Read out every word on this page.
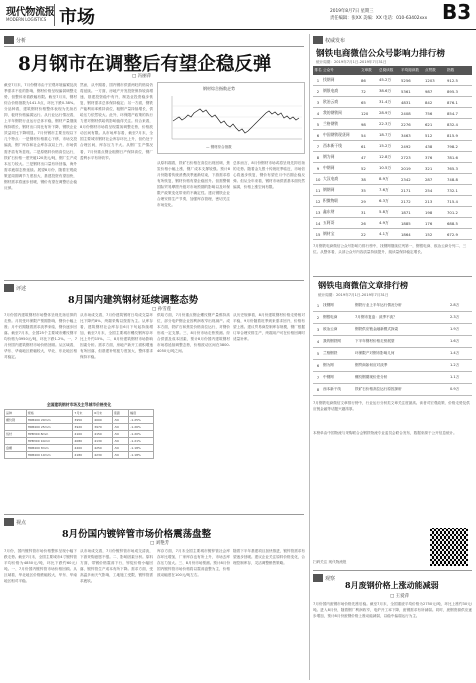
现代物流报
MODERN LOGISTICS 市场	2019年8月7日 星期三
责任编辑：张XX 美编：XX 电话：010-63402xxx B3
分析
8月钢市在调整后有望企稳反弹
□ 冯丽萍
截至7月末，7月份钢市由于宏观环境偏紧及淡季需求不佳的影响，钢材价格呈现偏弱调整走势，但整体来看跌幅有限。截至7月末，钢材综合价格指数为141.5点，环比下跌0.38%。分品种看，建筑钢材价格整体表现为先扬后抑，板材价格偏弱运行。从行业运行情况看，上半年钢铁行业运行总体平稳，钢材产量继续保持增长，钢材出口同比有所下降，钢铁企业效益同比下降明显。7月份钢市主要呈现以下几个特点：一是钢材价格重心下移，市场交投偏淡，钢厂库存和社会库存双双上升，市场供需矛盾有所显现。二是原燃料价格高位运行，铁矿石价格一度突破120美元/吨，钢厂生产成本压力较大。三是钢材出口量有所回落，海外需求疲弱态势延续。展望8月份，随着宏观政策逆周期调节力度加大，基建投资有望加快，钢材需求将逐步回暖，钢价有望在调整后企稳反弹。
然而，从中期看，国内钢市供需两旺的格局仍将延续。一方面，房地产开发投资保持较高增速，基建投资稳中有升，制造业投资稳步恢复，钢材需求总体保持稳定；另一方面，钢铁产能利用率维持高位，粗钢产量持续增长，供给压力依然较大。此外，环保限产政策的执行力度对钢材供给的影响值得关注。综合来看，8月份钢材市场将呈现震荡调整走势，价格波动区间有限。从市场库存看，截至7月末，全国主要城市钢材社会库存环比上升，但仍处于合理区间，库存压力不大。从钢厂生产情况看，7月份重点钢企粗钢日产保持高位，钢厂盈利水平有所收窄。
钢材综合指数走势
— 钢材综合指数
从原料端看，铁矿石价格在高位出现回调，焦炭价格小幅上涨，钢厂成本支撑较强。预计8月份随着传统消费淡季逐渐结束，下游需求将有所恢复，钢材价格有望企稳回升。但需警惕国际贸易摩擦升级对市场预期的影响以及环保限产政策变化带来的不确定性。建议钢铁企业合理安排生产节奏，加强库存管理，密切关注市场变化。
总体而言，8月份钢材市场或将呈现先抑后扬的走势。随着金九银十传统旺季临近，市场信心将逐步恢复，钢价有望在月中后期企稳反弹。但从全年来看，钢材市场供需基本面仍然偏弱，价格上涨空间有限。
评述
8月国内建筑钢材延续调整态势
□ 孙雪莲
7月份国内建筑钢材市场整体呈现先扬后抑的走势。月初受环保限产预期影响，钢价小幅上涨；月中后期随着需求淡季来临，钢价逐步回落。截至7月末，全国25个主要城市螺纹钢平均价格为3950元/吨，环比下跌1.2%。一、7月份国内建筑钢材市场价格回顾。从区域看，华东、华南地区跌幅较大，华北、东北地区相对稳定。
从市场成交看，7月份建筑钢材日均成交量环比下降约8%，终端采购以按需为主。从库存看，建筑钢材社会库存自6月下旬起持续增加，截至7月末，全国主要城市螺纹钢库存环比上升约15%。二、8月份建筑钢材市场影响因素分析。需求方面，房地产新开工面积增速有所回落，但基建补短板力度加大，整体需求保持平稳。
供给方面，7月份重点钢企螺纹钢产量维持高位，部分电炉钢企业因利润收窄出现减产。成本方面，铁矿石和焦炭价格高位运行，对钢价形成一定支撑。三、8月份市场走势预测。综合供需及成本因素，预计8月份国内建筑钢材市场将延续调整态势，价格波动区间在3800-4050元/吨之间。
从历史规律看，8月份建筑钢材价格走势相对平稳，9月份随着旺季到来需求回升，价格有望上涨。建议贸易商控制库存规模，钢厂根据订单合理安排生产，终端用户可在价格回调时适量补库。
全国建筑钢材市场及主导城市价格变化
品种	规格	7月末	6月末	涨跌	幅度
螺纹钢	HRB400 20mm	3950	4000	-50	-1.25%
	HRB400 25mm	3920	3970	-50	-1.26%
线材	HPB300 8mm	4100	4150	-50	-1.20%
	HPB300 10mm	4080	4130	-50	-1.21%
盘螺	HRB400 8mm	4200	4250	-50	-1.18%
	HRB400 10mm	4180	4230	-50	-1.18%
视点
8月份国内镀锌管市场价格震荡盘整
□ 刘艳芳
7月份，国内镀锌管市场价格整体呈现小幅下跌走势。截至7月末，全国主要城市4寸镀锌管平均价格为4850元/吨，环比下跌约60元/吨。一、7月份国内镀锌管市场价格回顾。从区域看，华北地区价格跌幅较大，华东、华南地区相对平稳。
从市场成交看，7月份镀锌管市场成交清淡，下游采购意愿不强。二、影响因素分析。原料方面，带钢价格震荡下行，锌锭价格小幅回落，镀锌管生产成本有所下降。需求方面，受高温多雨天气影响，工地施工受限，镀锌管需求疲软。
库存方面，7月末全国主要城市镀锌管社会库存环比增加，厂家库存也有所上升，市场去库存压力加大。三、8月份市场预测。预计8月份国内镀锌管市场价格将以震荡盘整为主，价格波动幅度在100元/吨左右。
随着下半年基建项目加快推进，镀锌管需求有望逐步回暖。建议企业关注原料价格变化，合理控制库存，灵活调整销售策略。
权威发布
钢铁电商微信公众号影响力排行榜
统计周期：2019年7月1日-2019年7月31日
排名 公众号	文章数	总阅读数	平均阅读数	点赞数	指数
1 找钢网	86	45.2万	5256	1203	912.5
2 钢银电商	72	38.6万	5361	987	895.3
3 欧冶云商	65	31.4万	4831	842	876.1
4 我的钢铁网	120	28.9万	2408	756	854.7
5 兰格钢铁	98	22.3万	2276	621	832.4
6 中国钢铁现货网	54	18.7万	3463	512	815.9
7 西本新干线	61	15.2万	2492	438	798.2
8 钢为网	47	12.8万	2723	376	781.6
9 中钢网	52	10.5万	2019	321	765.3
10 大汉电商	38	8.9万	2342	287	748.8
11 钢钢网	35	7.6万	2171	254	732.1
12 积微物联	29	6.3万	2172	213	715.4
13 鑫东财	31	5.8万	1871	198	701.2
14 五阿哥	26	4.9万	1885	176	688.5
15 钢材宝	22	4.1万	1864	152	672.9
7月钢铁电商微信公众号影响力排行榜中，找钢网继续位列第一，钢银电商、欧冶云商分列二、三位。从整体看，头部公众号内容质量持续提升，阅读量保持稳定增长。
钢铁电商微信文章排行榜
统计周期：2019年7月1日-2019年7月31日
1	找钢网	钢铁行业上半年运行情况分析	2.8万
2	钢银电商	7月钢市复盘：淡季不淡？	2.3万
3	欧冶云商	钢铁供应链金融新模式探索	1.9万
4	我的钢铁网	下半年钢材价格走势展望	1.6万
5	兰格钢铁	环保限产对钢市影响几何	1.4万
6	钢为网	钢贸商如何应对淡季	1.2万
7	中钢网	螺纹钢期现价差分析	1.1万
8	西本新干线	铁矿石价格高位运行原因探析	0.9万
7月钢铁电商微信文章排行榜中，行业运行分析类文章关注度最高。读者对宏观政策、价格走势及供应链金融等话题兴趣浓厚。
本榜单由中国物流与采购联合会钢铁物流专业委员会联合发布，数据来源于公开信息统计。
扫码关注 现代物流报
观察
8月废钢价格上涨动能减弱
□ 王爱萍
7月份国内废钢市场价格先涨后稳。截至7月末，全国重废平均价格为2750元/吨，环比上涨约30元/吨。进入8月份，随着钢厂利润收窄，电炉开工率下降，废钢需求有所减弱。同时，废钢资源供应逐步增加，预计8月份废钢价格上涨动能减弱，以稳中偏弱运行为主。
